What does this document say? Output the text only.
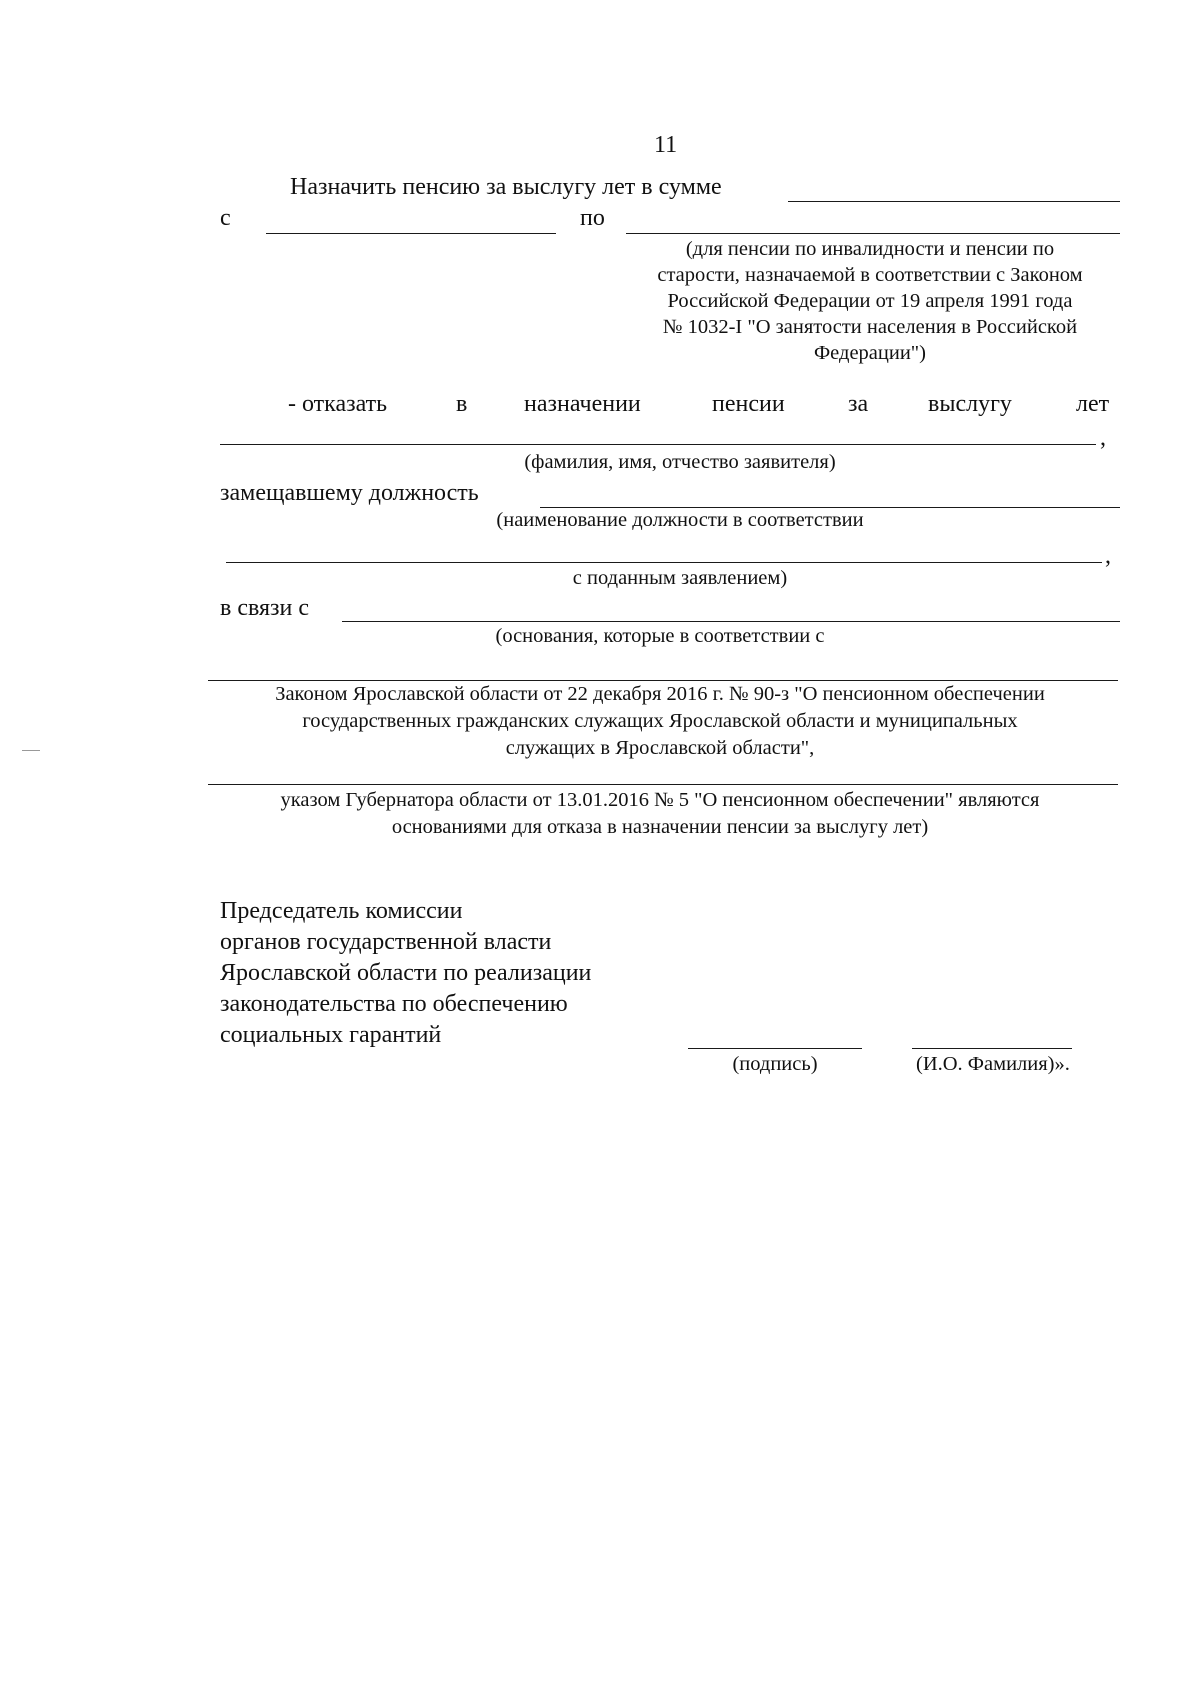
11
Назначить пенсию за выслугу лет в сумме
с	по
(для пенсии по инвалидности и пенсии по
старости, назначаемой в соответствии с Законом
Российской Федерации от 19 апреля 1991 года
№ 1032-I "О занятости населения в Российской
Федерации")
- отказать	в назначении	пенсии	за выслугу	лет
,
(фамилия, имя, отчество заявителя)
замещавшему должность
(наименование должности в соответствии
,
с поданным заявлением)
в связи с
(основания, которые в соответствии с
Законом Ярославской области от 22 декабря 2016 г. № 90-з "О пенсионном обеспечении
государственных гражданских служащих Ярославской области и муниципальных
служащих в Ярославской области",
указом Губернатора области от 13.01.2016 № 5 "О пенсионном обеспечении" являются
основаниями для отказа в назначении пенсии за выслугу лет)
Председатель комиссии
органов государственной власти
Ярославской области по реализации
законодательства по обеспечению
социальных гарантий
(подпись)	(И.О. Фамилия)».
